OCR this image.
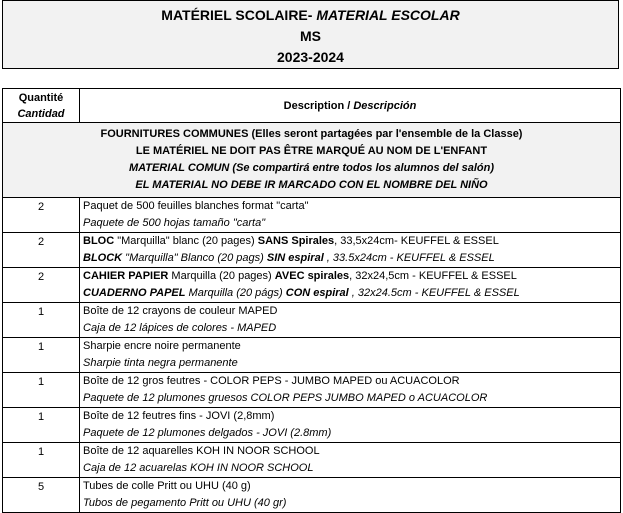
MATÉRIEL SCOLAIRE- MATERIAL ESCOLAR
MS
2023-2024
Quantité
Cantidad	Description / Descripción

FOURNITURES COMMUNES (Elles seront partagées par l'ensemble de la Classe)
LE MATÉRIEL NE DOIT PAS ÊTRE MARQUÉ AU NOM DE L'ENFANT
MATERIAL COMUN (Se compartirá entre todos los alumnos del salón)
EL MATERIAL NO DEBE IR MARCADO CON EL NOMBRE DEL NIÑO	

2	Paquet de 500 feuilles blanches format "carta"
Paquete de 500 hojas tamaño "carta"

2	BLOC "Marquilla" blanc (20 pages) SANS Spirales, 33,5x24cm- KEUFFEL & ESSEL
BLOCK "Marquilla" Blanco (20 pags) SIN espiral , 33.5x24cm - KEUFFEL & ESSEL

2	CAHIER PAPIER Marquilla (20 pages) AVEC spirales, 32x24,5cm - KEUFFEL & ESSEL
CUADERNO PAPEL Marquilla (20 págs) CON espiral , 32x24.5cm - KEUFFEL & ESSEL

1	Boîte de 12 crayons de couleur MAPED
Caja de 12 lápices de colores - MAPED

1	Sharpie encre noire permanente
Sharpie tinta negra permanente

1	Boîte de 12 gros feutres - COLOR PEPS - JUMBO MAPED ou ACUACOLOR
Paquete de 12 plumones gruesos COLOR PEPS JUMBO MAPED o ACUACOLOR

1	Boîte de 12 feutres fins - JOVI (2,8mm)
Paquete de 12 plumones delgados - JOVI (2.8mm)

1	Boîte de 12 aquarelles KOH IN NOOR SCHOOL
Caja de 12 acuarelas KOH IN NOOR SCHOOL

5	Tubes de colle Pritt ou UHU (40 g)
Tubos de pegamento Pritt ou UHU (40 gr)
